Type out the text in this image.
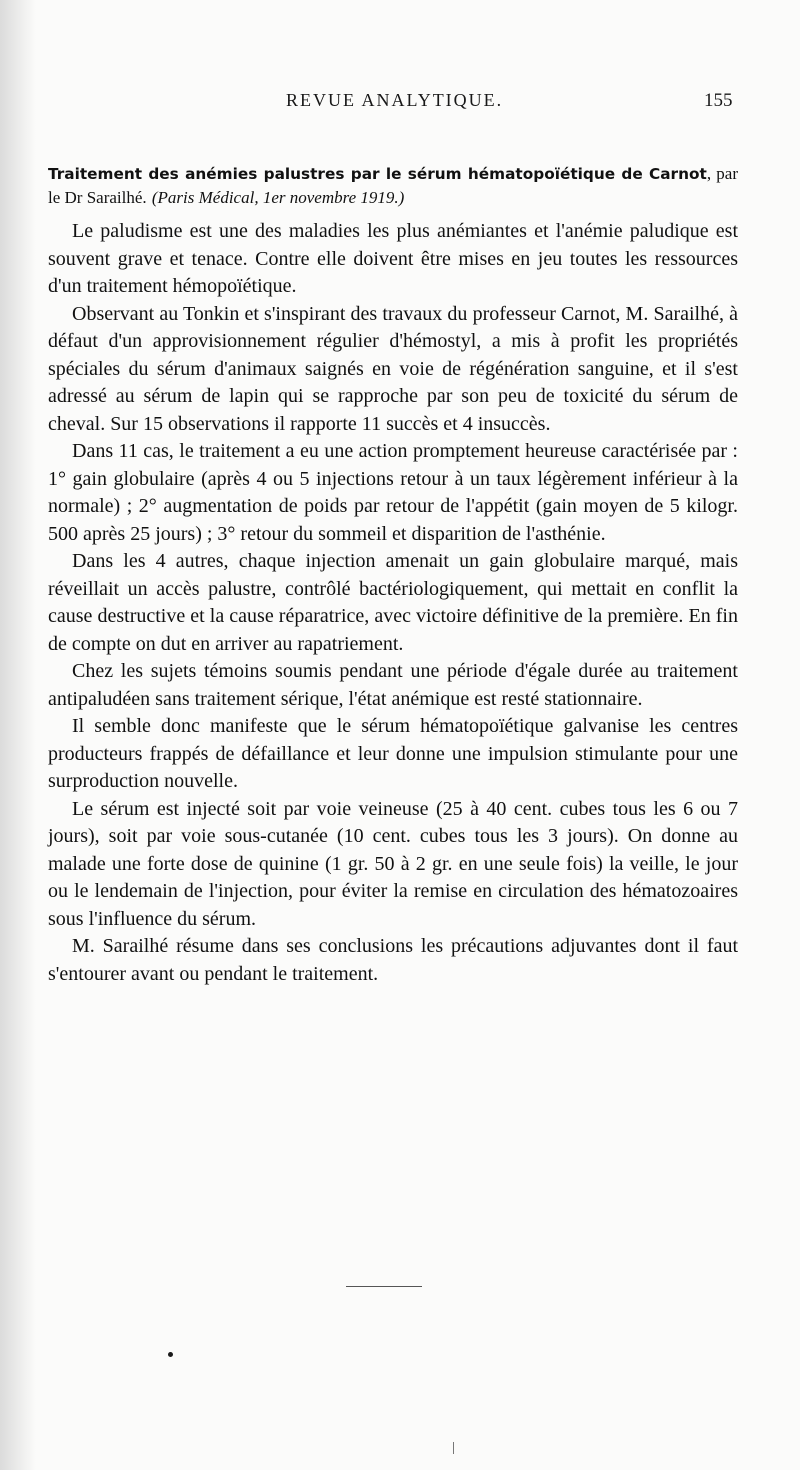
REVUE ANALYTIQUE.	155

Traitement des anémies palustres par le sérum hématopoïétique de Carnot, par le Dr Sarailhé. (Paris Médical, 1er novembre 1919.)

Le paludisme est une des maladies les plus anémiantes et l'anémie paludique est souvent grave et tenace. Contre elle doivent être mises en jeu toutes les ressources d'un traitement hémopoïétique.

Observant au Tonkin et s'inspirant des travaux du professeur Carnot, M. Sarailhé, à défaut d'un approvisionnement régulier d'hémostyl, a mis à profit les propriétés spéciales du sérum d'animaux saignés en voie de régénération sanguine, et il s'est adressé au sérum de lapin qui se rapproche par son peu de toxicité du sérum de cheval. Sur 15 observations il rapporte 11 succès et 4 insuccès.

Dans 11 cas, le traitement a eu une action promptement heureuse caractérisée par : 1° gain globulaire (après 4 ou 5 injections retour à un taux légèrement inférieur à la normale) ; 2° augmentation de poids par retour de l'appétit (gain moyen de 5 kilogr. 500 après 25 jours) ; 3° retour du sommeil et disparition de l'asthénie.

Dans les 4 autres, chaque injection amenait un gain globulaire marqué, mais réveillait un accès palustre, contrôlé bactériologiquement, qui mettait en conflit la cause destructive et la cause réparatrice, avec victoire définitive de la première. En fin de compte on dut en arriver au rapatriement.

Chez les sujets témoins soumis pendant une période d'égale durée au traitement antipaludéen sans traitement sérique, l'état anémique est resté stationnaire.

Il semble donc manifeste que le sérum hématopoïétique galvanise les centres producteurs frappés de défaillance et leur donne une impulsion stimulante pour une surproduction nouvelle.

Le sérum est injecté soit par voie veineuse (25 à 40 cent. cubes tous les 6 ou 7 jours), soit par voie sous-cutanée (10 cent. cubes tous les 3 jours). On donne au malade une forte dose de quinine (1 gr. 50 à 2 gr. en une seule fois) la veille, le jour ou le lendemain de l'injection, pour éviter la remise en circulation des hématozoaires sous l'influence du sérum.

M. Sarailhé résume dans ses conclusions les précautions adjuvantes dont il faut s'entourer avant ou pendant le traitement.
